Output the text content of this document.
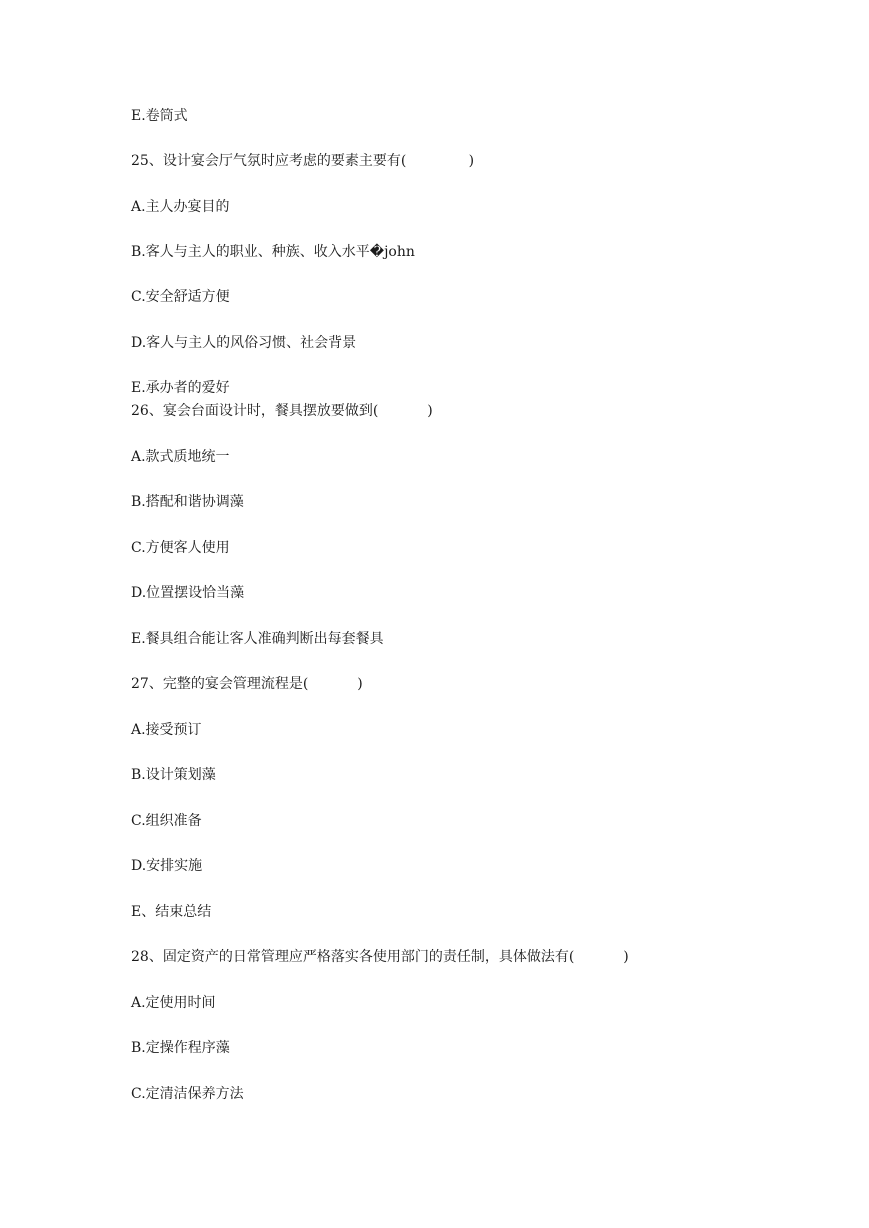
E.卷筒式

25、设计宴会厅气氛时应考虑的要素主要有(              )

A.主人办宴目的

B.客人与主人的职业、种族、收入水平�john

C.安全舒适方便

D.客人与主人的风俗习惯、社会背景

E.承办者的爱好

26、宴会台面设计时，餐具摆放要做到(           )

A.款式质地统一

B.搭配和谐协调藻

C.方便客人使用

D.位置摆设恰当藻

E.餐具组合能让客人准确判断出每套餐具

27、完整的宴会管理流程是(           )

A.接受预订

B.设计策划藻

C.组织准备

D.安排实施

E、结束总结

28、固定资产的日常管理应严格落实各使用部门的责任制，具体做法有(           )

A.定使用时间

B.定操作程序藻

C.定清洁保养方法
